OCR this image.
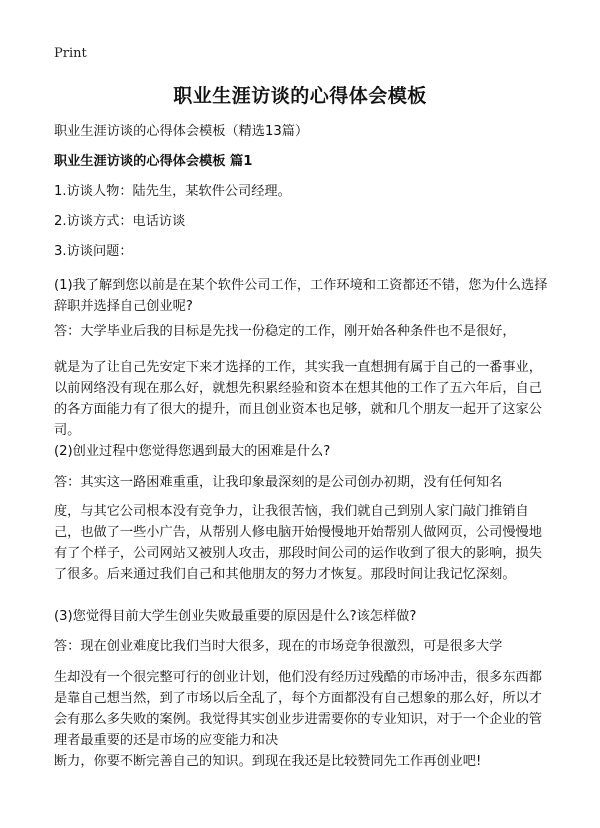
Print
职业生涯访谈的心得体会模板
职业生涯访谈的心得体会模板（精选13篇）
职业生涯访谈的心得体会模板 篇1
1.访谈人物：陆先生，某软件公司经理。
2.访谈方式：电话访谈
3.访谈问题：
(1)我了解到您以前是在某个软件公司工作，工作环境和工资都还不错，您为什么选择辞职并选择自己创业呢?
答：大学毕业后我的目标是先找一份稳定的工作，刚开始各种条件也不是很好，
就是为了让自己先安定下来才选择的工作，其实我一直想拥有属于自己的一番事业，以前网络没有现在那么好，就想先积累经验和资本在想其他的工作了五六年后，自己的各方面能力有了很大的提升，而且创业资本也足够，就和几个朋友一起开了这家公司。
(2)创业过程中您觉得您遇到最大的困难是什么?
答：其实这一路困难重重，让我印象最深刻的是公司创办初期，没有任何知名
度，与其它公司根本没有竞争力，让我很苦恼，我们就自己到别人家门敲门推销自己，也做了一些小广告，从帮别人修电脑开始慢慢地开始帮别人做网页，公司慢慢地有了个样子，公司网站又被别人攻击，那段时间公司的运作收到了很大的影响，损失了很多。后来通过我们自己和其他朋友的努力才恢复。那段时间让我记忆深刻。
(3)您觉得目前大学生创业失败最重要的原因是什么?该怎样做?
答：现在创业难度比我们当时大很多，现在的市场竞争很激烈，可是很多大学
生却没有一个很完整可行的创业计划，他们没有经历过残酷的市场冲击，很多东西都是靠自己想当然，到了市场以后全乱了，每个方面都没有自己想象的那么好，所以才会有那么多失败的案例。我觉得其实创业步进需要你的专业知识，对于一个企业的管理者最重要的还是市场的应变能力和决
断力，你要不断完善自己的知识。到现在我还是比较赞同先工作再创业吧!
